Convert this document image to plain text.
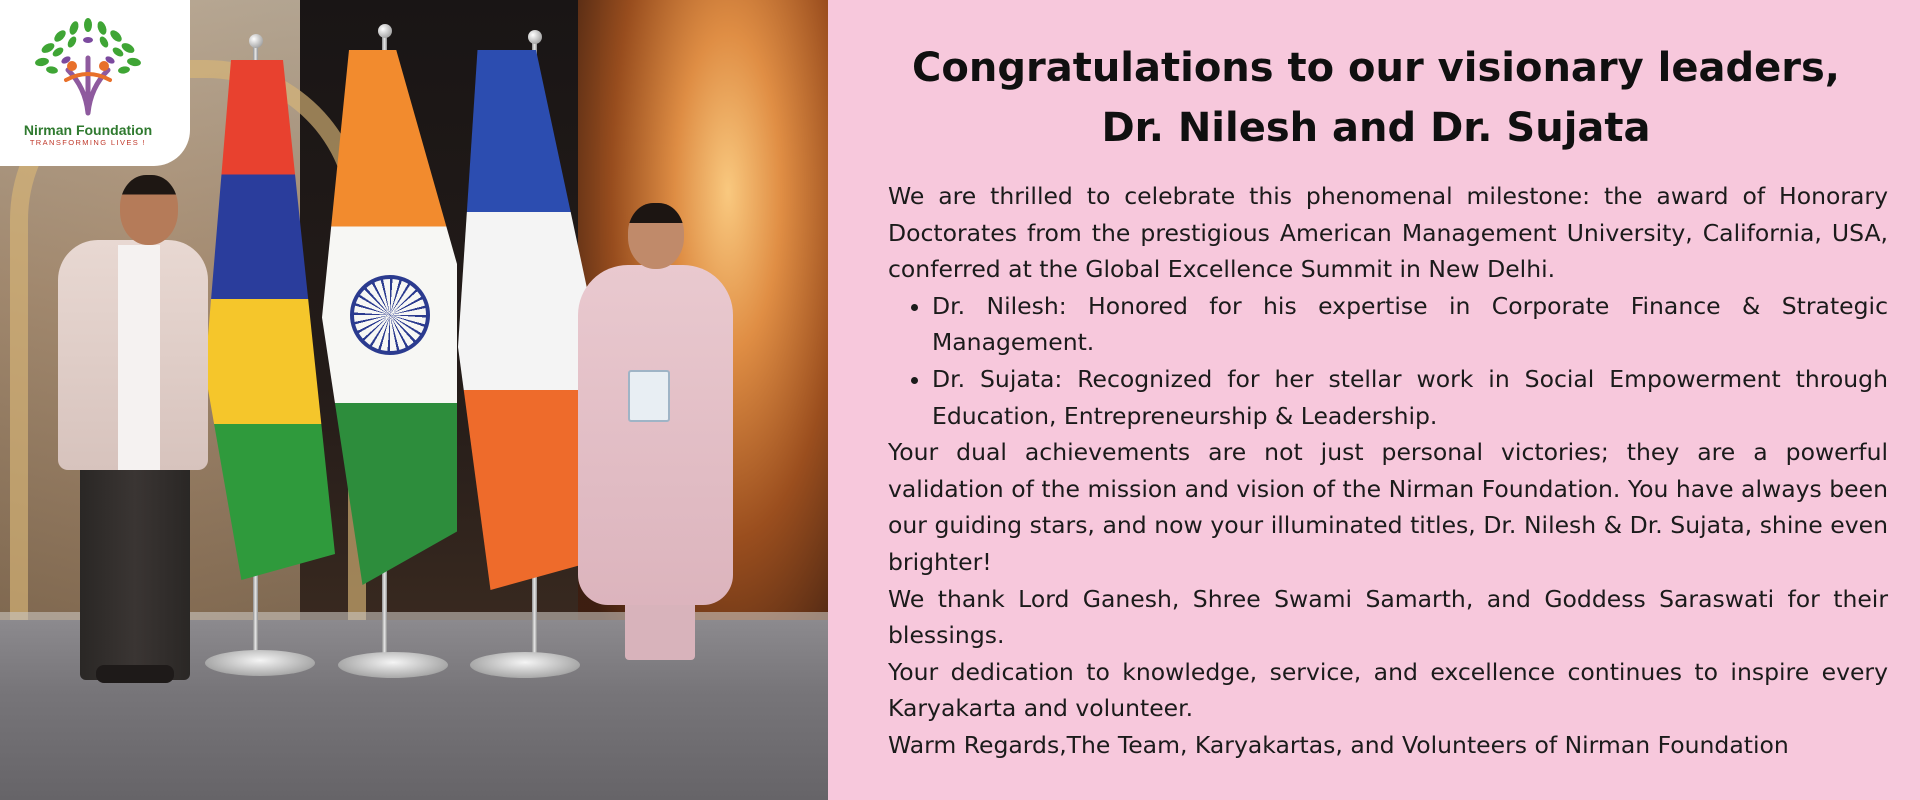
Nirman Foundation
TRANSFORMING LIVES !
Congratulations to our visionary leaders,
Dr. Nilesh and Dr. Sujata

We are thrilled to celebrate this phenomenal milestone: the award of Honorary Doctorates from the prestigious American Management University, California, USA, conferred at the Global Excellence Summit in New Delhi.

• Dr. Nilesh: Honored for his expertise in Corporate Finance & Strategic Management.
• Dr. Sujata: Recognized for her stellar work in Social Empowerment through Education, Entrepreneurship & Leadership.

Your dual achievements are not just personal victories; they are a powerful validation of the mission and vision of the Nirman Foundation. You have always been our guiding stars, and now your illuminated titles, Dr. Nilesh & Dr. Sujata, shine even brighter!

We thank Lord Ganesh, Shree Swami Samarth, and Goddess Saraswati for their blessings.

Your dedication to knowledge, service, and excellence continues to inspire every Karyakarta and volunteer.

Warm Regards,The Team, Karyakartas, and Volunteers of Nirman Foundation
